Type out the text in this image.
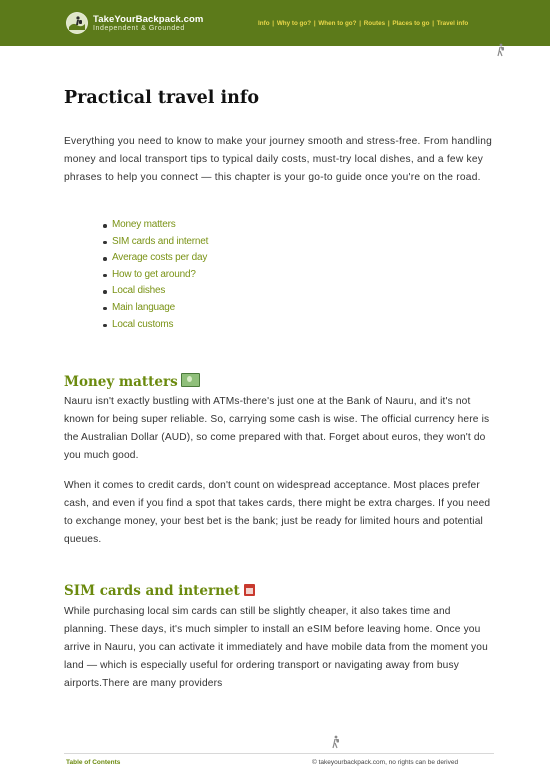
TakeYourBackpack.com
Independent & Grounded
Info | Why to go? | When to go? | Routes | Places to go | Travel info
Practical travel info

Everything you need to know to make your journey smooth and stress-free. From handling money and local transport tips to typical daily costs, must-try local dishes, and a few key phrases to help you connect — this chapter is your go-to guide once you're on the road.

Money matters
SIM cards and internet
Average costs per day
How to get around?
Local dishes
Main language
Local customs
Money matters

Nauru isn't exactly bustling with ATMs-there's just one at the Bank of Nauru, and it's not known for being super reliable. So, carrying some cash is wise. The official currency here is the Australian Dollar (AUD), so come prepared with that. Forget about euros, they won't do you much good.

When it comes to credit cards, don't count on widespread acceptance. Most places prefer cash, and even if you find a spot that takes cards, there might be extra charges. If you need to exchange money, your best bet is the bank; just be ready for limited hours and potential queues.

SIM cards and internet

While purchasing local sim cards can still be slightly cheaper, it also takes time and planning. These days, it's much simpler to install an eSIM before leaving home. Once you arrive in Nauru, you can activate it immediately and have mobile data from the moment you land — which is especially useful for ordering transport or navigating away from busy airports.There are many providers

Table of Contents	© takeyourbackpack.com, no rights can be derived
